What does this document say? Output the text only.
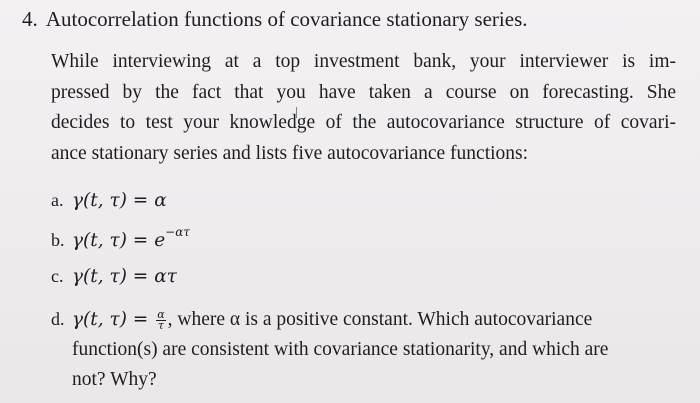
4. Autocorrelation functions of covariance stationary series.
While interviewing at a top investment bank, your interviewer is im-
pressed by the fact that you have taken a course on forecasting. She
decides to test your knowledge of the autocovariance structure of covari-
ance stationary series and lists five autocovariance functions:
a. γ(t, τ) = α
b. γ(t, $\tau) = e^{-\alpha\tau}$
c. γ(t, τ) = ατ
d. γ(t, $\tau) = \frac{\alpha}{\tau}$ , where α is a positive constant. Which autocovariance
function(s) are consistent with covariance stationarity, and which are
not? Why?
